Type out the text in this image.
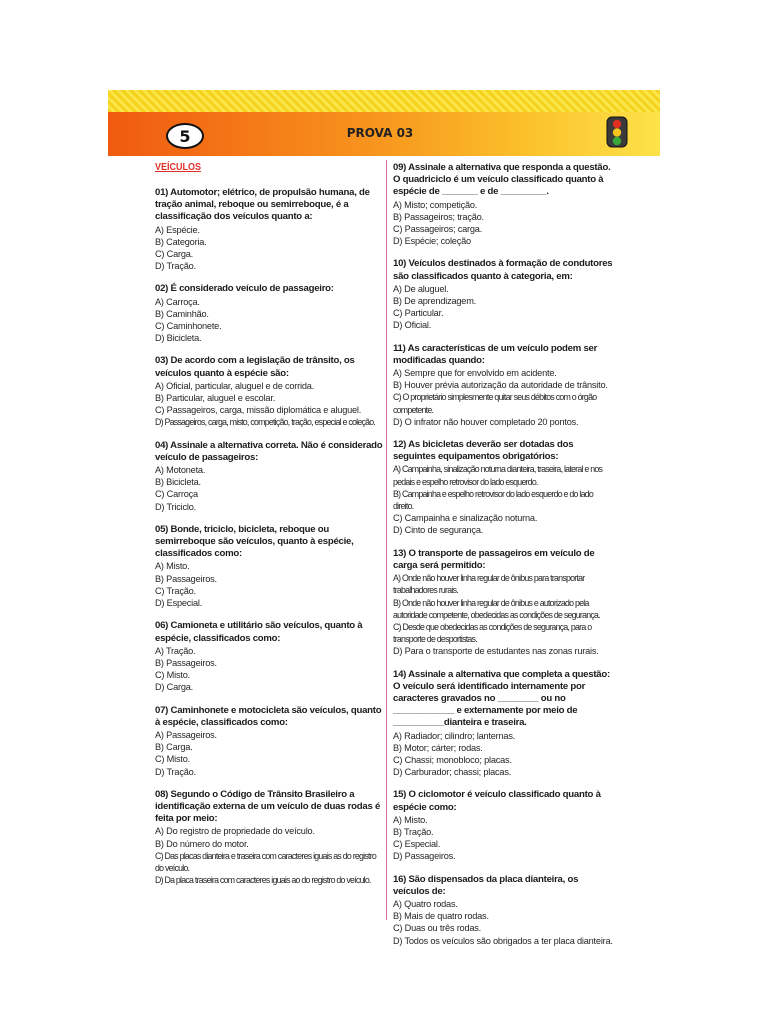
5	PROVA 03
VEÍCULOS
01) Automotor; elétrico, de propulsão humana, de tração animal, reboque ou semirreboque, é a classificação dos veículos quanto a:
A) Espécie.
B) Categoria.
C) Carga.
D) Tração.
02) É considerado veículo de passageiro:
A) Carroça.
B) Caminhão.
C) Caminhonete.
D) Bicicleta.
03) De acordo com a legislação de trânsito, os veículos quanto à espécie são:
A) Oficial, particular, aluguel e de corrida.
B) Particular, aluguel e escolar.
C) Passageiros, carga, missão diplomática e aluguel.
D) Passageiros, carga, misto, competição, tração, especial e coleção.
04) Assinale a alternativa correta. Não é considerado veículo de passageiros:
A) Motoneta.
B) Bicicleta.
C) Carroça
D) Triciclo.
05) Bonde, triciclo, bicicleta, reboque ou semirreboque são veículos, quanto à espécie, classificados como:
A) Misto.
B) Passageiros.
C) Tração.
D) Especial.
06) Camioneta e utilitário são veículos, quanto à espécie, classificados como:
A) Tração.
B) Passageiros.
C) Misto.
D) Carga.
07) Caminhonete e motocicleta são veículos, quanto à espécie, classificados como:
A) Passageiros.
B) Carga.
C) Misto.
D) Tração.
08) Segundo o Código de Trânsito Brasileiro a identificação externa de um veículo de duas rodas é feita por meio:
A) Do registro de propriedade do veículo.
B) Do número do motor.
C) Das placas dianteira e traseira com caracteres iguais as do registro do veículo.
D) Da placa traseira com caracteres iguais ao do registro do veículo.
09) Assinale a alternativa que responda a questão. O quadriciclo é um veículo classificado quanto à espécie de _______ e de _________.
A) Misto; competição.
B) Passageiros; tração.
C) Passageiros; carga.
D) Espécie; coleção
10) Veículos destinados à formação de condutores são classificados quanto à categoria, em:
A) De aluguel.
B) De aprendizagem.
C) Particular.
D) Oficial.
11) As características de um veículo podem ser modificadas quando:
A) Sempre que for envolvido em acidente.
B) Houver prévia autorização da autoridade de trânsito.
C) O proprietário simplesmente quitar seus débitos com o órgão competente.
D) O infrator não houver completado 20 pontos.
12) As bicicletas deverão ser dotadas dos seguintes equipamentos obrigatórios:
A) Campainha, sinalização noturna dianteira, traseira, lateral e nos pedais e espelho retrovisor do lado esquerdo.
B) Campainha e espelho retrovisor do lado esquerdo e do lado direito.
C) Campainha e sinalização noturna.
D) Cinto de segurança.
13) O transporte de passageiros em veículo de carga será permitido:
A) Onde não houver linha regular de ônibus para transportar trabalhadores rurais.
B) Onde não houver linha regular de ônibus e autorizado pela autoridade competente, obedecidas as condições de segurança.
C) Desde que obedecidas as condições de segurança, para o transporte de desportistas.
D) Para o transporte de estudantes nas zonas rurais.
14) Assinale a alternativa que completa a questão: O veículo será identificado internamente por caracteres gravados no ________ ou no ____________ e externamente por meio de __________dianteira e traseira.
A) Radiador; cilindro; lanternas.
B) Motor; cárter; rodas.
C) Chassi; monobloco; placas.
D) Carburador; chassi; placas.
15) O ciclomotor é veículo classificado quanto à espécie como:
A) Misto.
B) Tração.
C) Especial.
D) Passageiros.
16) São dispensados da placa dianteira, os veículos de:
A) Quatro rodas.
B) Mais de quatro rodas.
C) Duas ou três rodas.
D) Todos os veículos são obrigados a ter placa dianteira.
